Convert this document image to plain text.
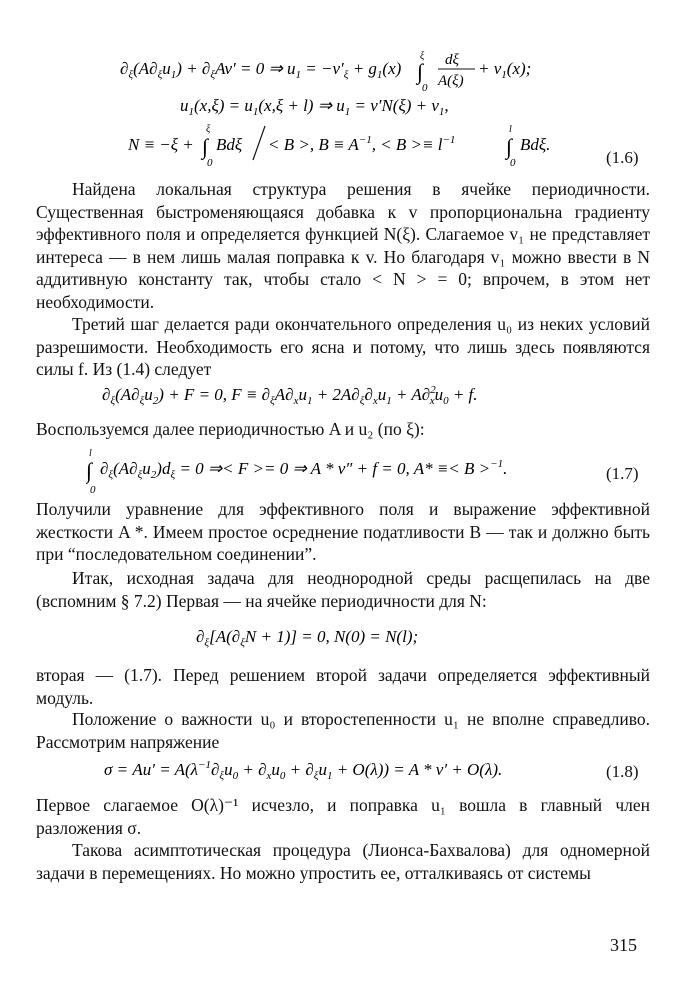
$\partial_\xi(A\partial_\xi u_1) + \partial_\xi Av' = 0$ ⇒ $u_1 = -v'_\xi + g_1(x)$ ∫
ξ
0
dξ
A(ξ)
+ $v_1(x)$;
$u_1(x,\xi) = u_1(x,\xi + l)$ ⇒ $u_1 = v'N(\xi) + v_1$,
N ≡ −ξ + ∫
ξ
0
Bdξ < B >, $B \equiv A^{-1}$, < $B >\equiv l^{-1}$ ∫
l
0
Bdξ.
(1.6)

Найдена локальная структура решения в ячейке периодичности. Существенная быстроменяющаяся добавка к v пропорциональна градиенту эффективного поля и определяется функцией N(ξ). Слагаемое v₁ не представляет интереса — в нем лишь малая поправка к v. Но благодаря v₁ можно ввести в N аддитивную константу так, чтобы стало < N > = 0; впрочем, в этом нет необходимости.

Третий шаг делается ради окончательного определения u₀ из неких условий разрешимости. Необходимость его ясна и потому, что лишь здесь появляются силы f. Из (1.4) следует

$\partial_\xi(A\partial_\xi u_2) + F = 0$, $F \equiv \partial_\xi A\partial_xu_1 + 2A\partial_\xi\partial_xu_1 + A\partial^2$ $xu_0 + f$.
Воспользуемся далее периодичностью A и u₂ (по ξ):
∫
l
0
$\partial_\xi(A\partial_\xi u_2)d_\xi = 0$ ⇒< F >= 0 ⇒ A * v″ + f = 0, A* ≡< B >$^{-1}$.	(1.7)

Получили уравнение для эффективного поля и выражение эффективной жесткости A *. Имеем простое осреднение податливости B — так и должно быть при “последовательном соединении”.

Итак, исходная задача для неоднородной среды расщепилась на две (вспомним § 7.2) Первая — на ячейке периодичности для N:

$\partial_\xi[A(\partial_\xi N + 1)] = 0$, N(0) = N(l);

вторая — (1.7). Перед решением второй задачи определяется эффективный модуль.

Положение о важности u₀ и второстепенности u₁ не вполне справедливо. Рассмотрим напряжение

$\sigma = Au' = A(\lambda^{-1}\partial_\xi u_0 + \partial_xu_0 + \partial_\xi u_1 + O(\lambda)) = A * v' + O(\lambda)$.	(1.8)

Первое слагаемое O(λ)⁻¹ исчезло, и поправка u₁ вошла в главный член разложения σ.

Такова асимптотическая процедура (Лионса-Бахвалова) для одномерной задачи в перемещениях. Но можно упростить ее, отталкиваясь от системы

315
